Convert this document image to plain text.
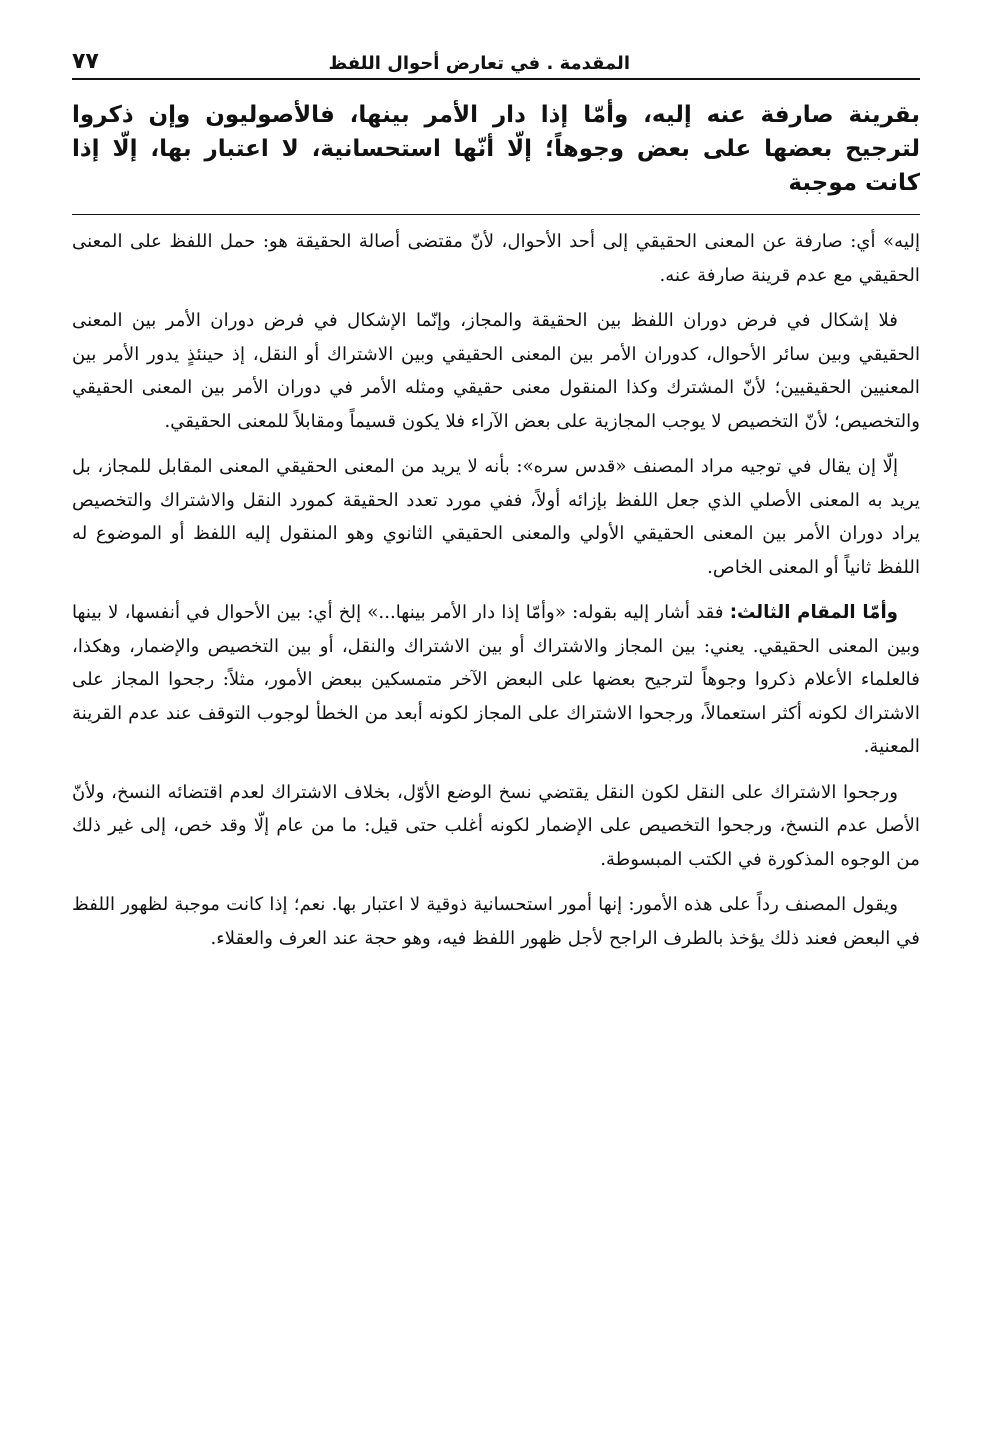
المقدمة . في تعارض أحوال اللفظ
٧٧

بقرينة صارفة عنه إليه، وأمّا إذا دار الأمر بينها، فالأصوليون وإن ذكروا لترجيح بعضها على بعض وجوهاً؛ إلّا أنّها استحسانية، لا اعتبار بها، إلّا إذا كانت موجبة

إليه» أي: صارفة عن المعنى الحقيقي إلى أحد الأحوال، لأنّ مقتضى أصالة الحقيقة هو: حمل اللفظ على المعنى الحقيقي مع عدم قرينة صارفة عنه.

فلا إشكال في فرض دوران اللفظ بين الحقيقة والمجاز، وإنّما الإشكال في فرض دوران الأمر بين المعنى الحقيقي وبين سائر الأحوال، كدوران الأمر بين المعنى الحقيقي وبين الاشتراك أو النقل، إذ حينئذٍ يدور الأمر بين المعنيين الحقيقيين؛ لأنّ المشترك وكذا المنقول معنى حقيقي ومثله الأمر في دوران الأمر بين المعنى الحقيقي والتخصيص؛ لأنّ التخصيص لا يوجب المجازية على بعض الآراء فلا يكون قسيماً ومقابلاً للمعنى الحقيقي.

إلّا إن يقال في توجيه مراد المصنف «قدس سره»: بأنه لا يريد من المعنى الحقيقي المعنى المقابل للمجاز، بل يريد به المعنى الأصلي الذي جعل اللفظ بإزائه أولاً، ففي مورد تعدد الحقيقة كمورد النقل والاشتراك والتخصيص يراد دوران الأمر بين المعنى الحقيقي الأولي والمعنى الحقيقي الثانوي وهو المنقول إليه اللفظ أو الموضوع له اللفظ ثانياً أو المعنى الخاص.

وأمّا المقام الثالث: فقد أشار إليه بقوله: «وأمّا إذا دار الأمر بينها...» إلخ أي: بين الأحوال في أنفسها، لا بينها وبين المعنى الحقيقي. يعني: بين المجاز والاشتراك أو بين الاشتراك والنقل، أو بين التخصيص والإضمار، وهكذا، فالعلماء الأعلام ذكروا وجوهاً لترجيح بعضها على البعض الآخر متمسكين ببعض الأمور، مثلاً: رجحوا المجاز على الاشتراك لكونه أكثر استعمالاً، ورجحوا الاشتراك على المجاز لكونه أبعد من الخطأ لوجوب التوقف عند عدم القرينة المعنية.

ورجحوا الاشتراك على النقل لكون النقل يقتضي نسخ الوضع الأوّل، بخلاف الاشتراك لعدم اقتضائه النسخ، ولأنّ الأصل عدم النسخ، ورجحوا التخصيص على الإضمار لكونه أغلب حتى قيل: ما من عام إلّا وقد خص، إلى غير ذلك من الوجوه المذكورة في الكتب المبسوطة.

ويقول المصنف رداً على هذه الأمور: إنها أمور استحسانية ذوقية لا اعتبار بها. نعم؛ إذا كانت موجبة لظهور اللفظ في البعض فعند ذلك يؤخذ بالطرف الراجح لأجل ظهور اللفظ فيه، وهو حجة عند العرف والعقلاء.
